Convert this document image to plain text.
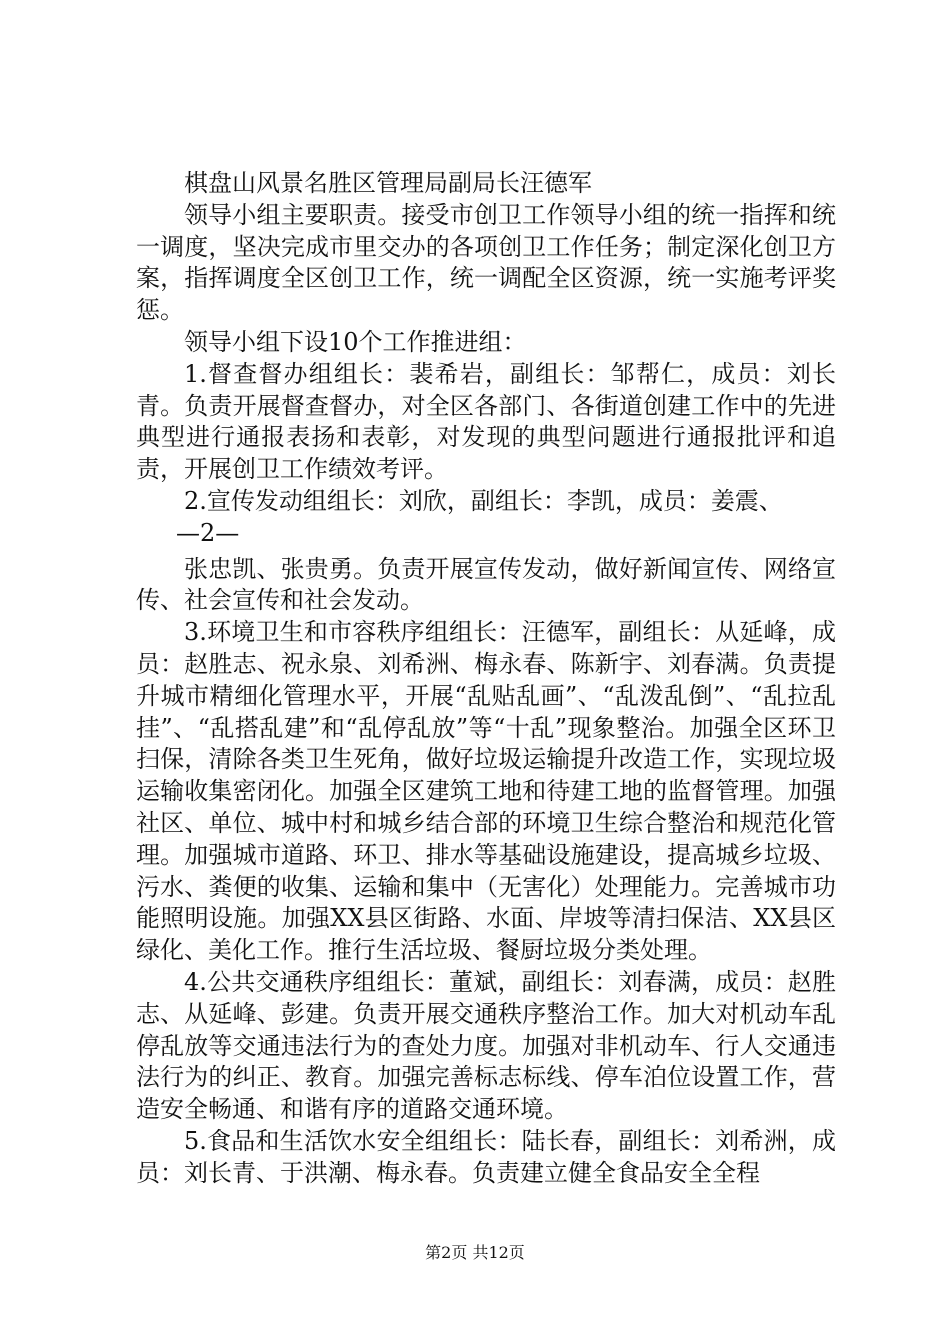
棋盘山风景名胜区管理局副局长汪德军

领导小组主要职责。接受市创卫工作领导小组的统一指挥和统一调度，坚决完成市里交办的各项创卫工作任务；制定深化创卫方案，指挥调度全区创卫工作，统一调配全区资源，统一实施考评奖惩。

领导小组下设10个工作推进组：

1.督查督办组组长：裴希岩，副组长：邹帮仁，成员：刘长青。负责开展督查督办，对全区各部门、各街道创建工作中的先进典型进行通报表扬和表彰，对发现的典型问题进行通报批评和追责，开展创卫工作绩效考评。

2.宣传发动组组长：刘欣，副组长：李凯，成员：姜震、

—2—

张忠凯、张贵勇。负责开展宣传发动，做好新闻宣传、网络宣传、社会宣传和社会发动。

3.环境卫生和市容秩序组组长：汪德军，副组长：从延峰，成员：赵胜志、祝永泉、刘希洲、梅永春、陈新宇、刘春满。负责提升城市精细化管理水平，开展“乱贴乱画”、“乱泼乱倒”、“乱拉乱挂”、“乱搭乱建”和“乱停乱放”等“十乱”现象整治。加强全区环卫扫保，清除各类卫生死角，做好垃圾运输提升改造工作，实现垃圾运输收集密闭化。加强全区建筑工地和待建工地的监督管理。加强社区、单位、城中村和城乡结合部的环境卫生综合整治和规范化管理。加强城市道路、环卫、排水等基础设施建设，提高城乡垃圾、污水、粪便的收集、运输和集中（无害化）处理能力。完善城市功能照明设施。加强XX县区街路、水面、岸坡等清扫保洁、XX县区绿化、美化工作。推行生活垃圾、餐厨垃圾分类处理。

4.公共交通秩序组组长：董斌，副组长：刘春满，成员：赵胜志、从延峰、彭建。负责开展交通秩序整治工作。加大对机动车乱停乱放等交通违法行为的查处力度。加强对非机动车、行人交通违法行为的纠正、教育。加强完善标志标线、停车泊位设置工作，营造安全畅通、和谐有序的道路交通环境。

5.食品和生活饮水安全组组长：陆长春，副组长：刘希洲，成员：刘长青、于洪潮、梅永春。负责建立健全食品安全全程

第2页 共12页
